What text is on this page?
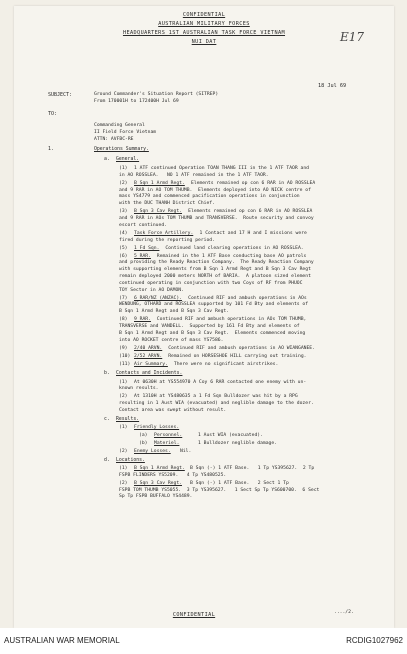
E17
CONFIDENTIAL
AUSTRALIAN MILITARY FORCES
HEADQUARTERS 1ST AUSTRALIAN TASK FORCE VIETNAM
NUI DAT
18 Jul 69
SUBJECT:	Ground Commander's Situation Report (SITREP)
From 170001H to 172400H Jul 69
TO:
Commanding General
II Field Force Vietnam
ATTN: AVFBC-RE
1.	Operations Summary.
a. General.
CONFIDENTIAL	..../2.
(1) 1 ATF continued Operation TOAN THANG III in the 1 ATF TAOR and
in AO ROSSLEA.   NO 1 ATF remained in the 1 ATF TAOR.
(2) B Sqn 1 Armd Regt. Elements remained op con 6 RAR in AO ROSSLEA
and 9 RAR in AO TOM THUMB.  Elements deployed into AO NICK centre of
mass YS4779 and commenced pacification operations in conjunction
with the DUC THANH District Chief.
(3) B Sqn 3 Cav Regt. Elements remained op con 6 RAR in AO ROSSLEA
and 9 RAR in AOs TOM THUMB and TRANSVERSE.  Route security and convoy
escort continued.
(4) Task Force Artillery. 1 Contact and 17 H and I missions were
fired during the reporting period.
(5) 1 Fd Sqn. Continued land clearing operations in AO ROSSLEA.
(6) 5 RAR. Remained in the 1 ATF Base conducting base AO patrols
and providing the Ready Reaction Company.  The Ready Reaction Company
with supporting elements from B Sqn 1 Armd Regt and B Sqn 3 Cav Regt
remain deployed 2000 meters NORTH of BARIA.  A platoon sized element
continued operating in conjunction with two Coys of RF from PHUOC
TOY Sector in AO DAMON.
(7) 6 RAR/NZ (ANZAC). Continued RIF and ambush operations in AOs
WENDUNG, OTHARD and ROSSLEA supported by 101 Fd Bty and elements of
B Sqn 1 Armd Regt and B Sqn 3 Cav Regt.
(8) 9 RAR. Continued RIF and ambush operations in AOs TOM THUMB,
TRANSVERSE and VANDELL.  Supported by 161 Fd Bty and elements of
B Sqn 1 Armd Regt and B Sqn 3 Cav Regt.  Elements commenced moving
into AO ROCKET centre of mass YS7586.
(9) 2/40 ARVN. Continued RIF and ambush operations in AO WIANGANEE.
(10) 2/52 ARVN. Remained on HORSESHOE HILL carrying out training.
(11) Air Summary. There were no significant airstrikes.
b. Contacts and Incidents.
(1) At 0630H at YS554970 A Coy 6 RAR contacted one enemy with un-
known results.
(2) At 1310H at YS480635 a 1 Fd Sqn Bulldozer was hit by a RPG
resulting in 1 Aust WIA (evacuated) and neglible damage to the dozer.
Contact area was swept without result.
c. Results.
(1) Friendly Losses.
(a) Personnel.	1 Aust WIA (evacuated).
(b) Materiel.	1 Bulldozer neglible damage.
(2) Enemy Losses. Nil.
d. Locations.
(1) B Sqn 1 Armd Regt. B Sqn (-) 1 ATF Base.   1 Tp YS395627.  2 Tp
FSPB FLINDERS YS5209.   4 Tp YS480525.
(2) B Sqn 3 Cav Regt. B Sqn (-) 1 ATF Base.   2 Sect 1 Tp
FSPB TOM THUMB YS5055.  3 Tp YS395627.   1 Sect Sp Tp YS600700.  6 Sect
Sp Tp FSPB BUFFALO YS4489.
AUSTRALIAN WAR MEMORIAL	RCDIG1027962
